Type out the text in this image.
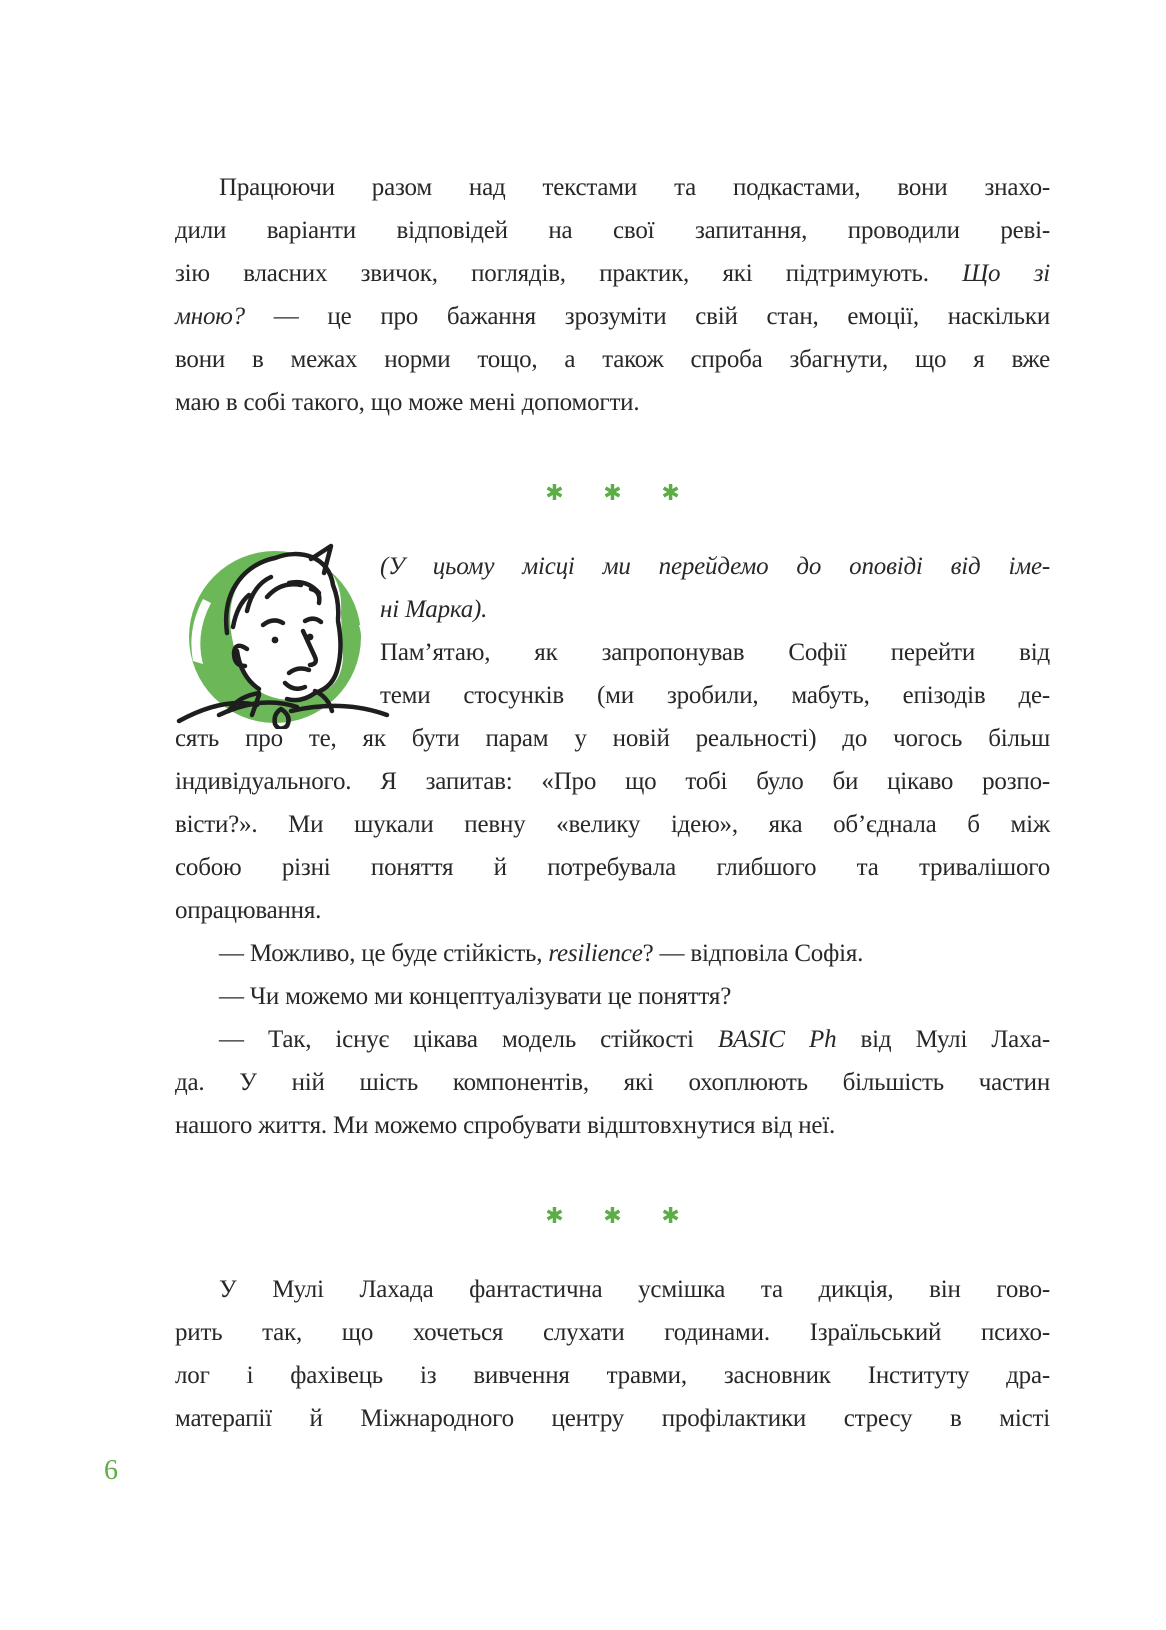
Працюючи разом над текстами та подкастами, вони знахо-
дили варіанти відповідей на свої запитання, проводили реві-
зію власних звичок, поглядів, практик, які підтримують. Що зі
мною? — це про бажання зрозуміти свій стан, емоції, наскільки
вони в межах норми тощо, а також спроба збагнути, що я вже
маю в собі такого, що може мені допомогти.
✱ ✱ ✱
(У цьому місці ми перейдемо до оповіді від іме-
ні Марка).
Пам’ятаю, як запропонував Софії перейти від
теми стосунків (ми зробили, мабуть, епізодів де-
сять про те, як бути парам у новій реальності) до чогось більш
індивідуального. Я запитав: «Про що тобі було би цікаво розпо-
вісти?». Ми шукали певну «велику ідею», яка об’єднала б між
собою різні поняття й потребувала глибшого та тривалішого
опрацювання.
— Можливо, це буде стійкість, resilience? — відповіла Софія.
— Чи можемо ми концептуалізувати це поняття?
— Так, існує цікава модель стійкості BASIC Ph від Мулі Лаха-
да. У ній шість компонентів, які охоплюють більшість частин
нашого життя. Ми можемо спробувати відштовхнутися від неї.
✱ ✱ ✱
У Мулі Лахада фантастична усмішка та дикція, він гово-
рить так, що хочеться слухати годинами. Ізраїльський психо-
лог і фахівець із вивчення травми, засновник Інституту дра-
матерапії й Міжнародного центру профілактики стресу в місті
6
